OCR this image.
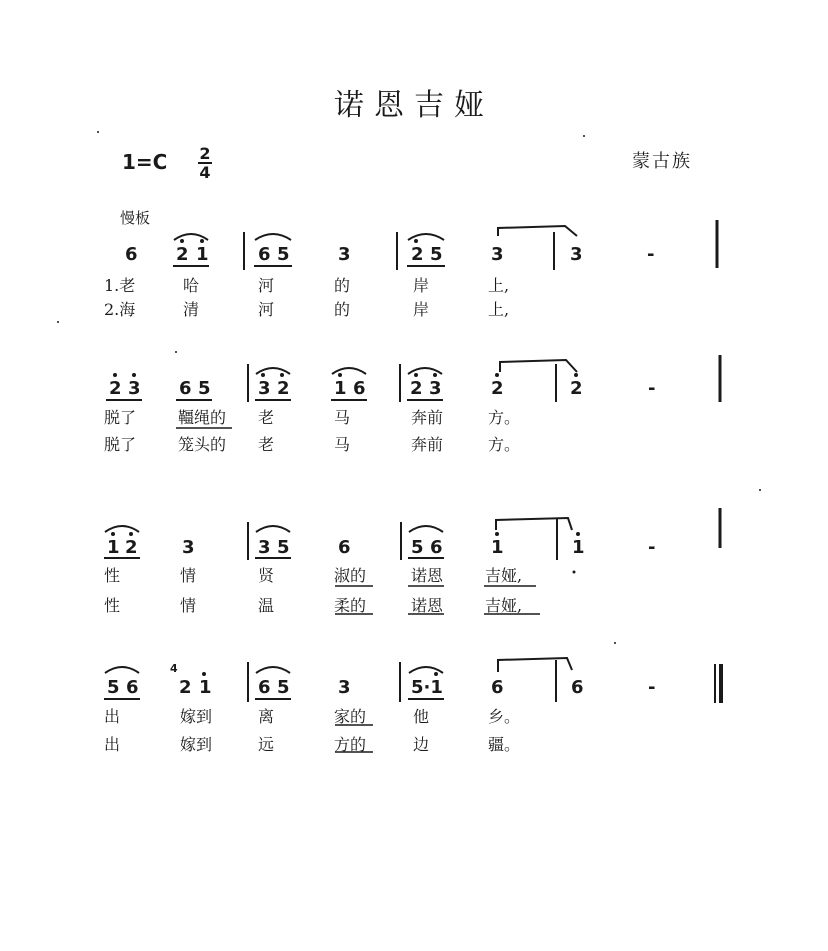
诺恩吉娅
1=C 2
4
蒙古族
慢板
6 2 1	6 5	3	2 5	3	3	-
2 3 6 5	3 2 1 6 2 3	2	2	-
1 2 3	3 5	6	5 6	1	1	-
5 6
4
2 1	6 5	3	5·1	6	6	-
1.老	哈	河	的	岸	上,
2.海	清	河	的	岸	上,
脱了	韁绳的 老	马	奔前	方。
脱了	笼头的 老	马	奔前	方。
性	情	贤	淑的	诺恩	吉娅,
性	情	温	柔的	诺恩	吉娅,
出	嫁到	离	家的	他	乡。
出	嫁到	远	方的	边	疆。
